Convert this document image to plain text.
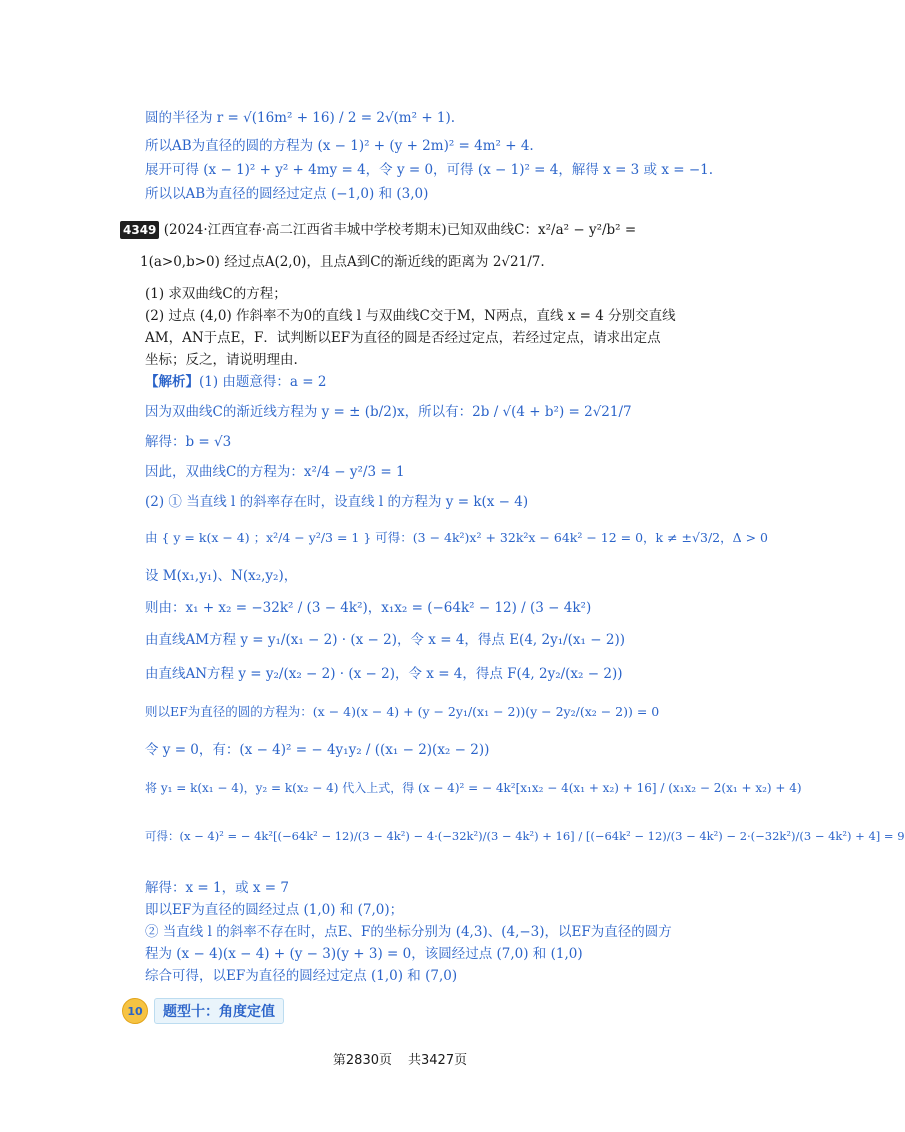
圆的半径为 r = √(16m² + 16) / 2 = 2√(m² + 1).
所以AB为直径的圆的方程为 (x − 1)² + (y + 2m)² = 4m² + 4.
展开可得 (x − 1)² + y² + 4my = 4，令 y = 0，可得 (x − 1)² = 4，解得 x = 3 或 x = −1.
所以以AB为直径的圆经过定点 (−1,0) 和 (3,0)
4349 (2024·江西宜春·高二江西省丰城中学校考期末)已知双曲线C：x²/a² − y²/b² =
1(a>0,b>0) 经过点A(2,0)，且点A到C的渐近线的距离为 2√21/7.
(1) 求双曲线C的方程；
(2) 过点 (4,0) 作斜率不为0的直线 l 与双曲线C交于M，N两点，直线 x = 4 分别交直线
AM，AN于点E，F．试判断以EF为直径的圆是否经过定点，若经过定点，请求出定点
坐标；反之，请说明理由.
【解析】(1) 由题意得：a = 2
因为双曲线C的渐近线方程为 y = ± (b/2)x，所以有：2b / √(4 + b²) = 2√21/7
解得：b = √3
因此，双曲线C的方程为：x²/4 − y²/3 = 1
(2) ① 当直线 l 的斜率存在时，设直线 l 的方程为 y = k(x − 4)
由 { y = k(x − 4) ；x²/4 − y²/3 = 1 } 可得：(3 − 4k²)x² + 32k²x − 64k² − 12 = 0，k ≠ ±√3/2，Δ > 0
设 M(x₁,y₁)、N(x₂,y₂)，
则由：x₁ + x₂ = −32k² / (3 − 4k²)，x₁x₂ = (−64k² − 12) / (3 − 4k²)
由直线AM方程 y = y₁/(x₁ − 2) · (x − 2)，令 x = 4，得点 E(4, 2y₁/(x₁ − 2))
由直线AN方程 y = y₂/(x₂ − 2) · (x − 2)，令 x = 4，得点 F(4, 2y₂/(x₂ − 2))
则以EF为直径的圆的方程为：(x − 4)(x − 4) + (y − 2y₁/(x₁ − 2))(y − 2y₂/(x₂ − 2)) = 0
令 y = 0，有：(x − 4)² = − 4y₁y₂ / ((x₁ − 2)(x₂ − 2))
将 y₁ = k(x₁ − 4)，y₂ = k(x₂ − 4) 代入上式，得 (x − 4)² = − 4k²[x₁x₂ − 4(x₁ + x₂) + 16] / (x₁x₂ − 2(x₁ + x₂) + 4)
可得：(x − 4)² = − 4k²[(−64k² − 12)/(3 − 4k²) − 4·(−32k²)/(3 − 4k²) + 16] / [(−64k² − 12)/(3 − 4k²) − 2·(−32k²)/(3 − 4k²) + 4] = 9
解得：x = 1，或 x = 7
即以EF为直径的圆经过点 (1,0) 和 (7,0)；
② 当直线 l 的斜率不存在时，点E、F的坐标分别为 (4,3)、(4,−3)，以EF为直径的圆方
程为 (x − 4)(x − 4) + (y − 3)(y + 3) = 0，该圆经过点 (7,0) 和 (1,0)
综合可得，以EF为直径的圆经过定点 (1,0) 和 (7,0)
10	题型十：角度定值
第2830页 共3427页
